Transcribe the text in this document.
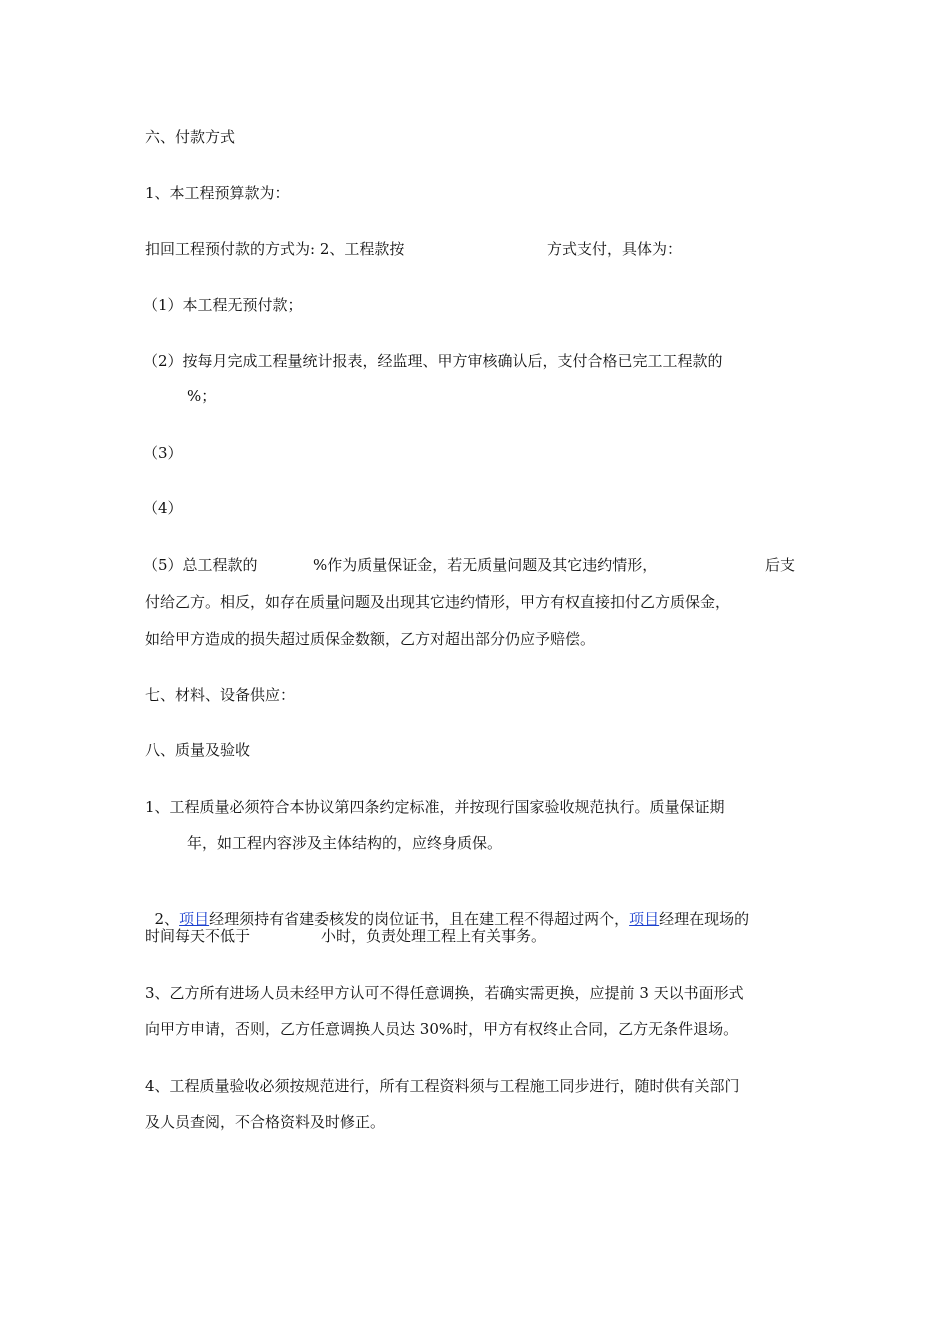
六、付款方式

1、本工程预算款为：

扣回工程预付款的方式为: 2、工程款按	方式支付，具体为：

（1）本工程无预付款；

（2）按每月完成工程量统计报表，经监理、甲方审核确认后，支付合格已完工工程款的

%；

（3）

（4）

（5）总工程款的	%作为质量保证金，若无质量问题及其它违约情形，	后支

付给乙方。相反，如存在质量问题及出现其它违约情形，甲方有权直接扣付乙方质保金，

如给甲方造成的损失超过质保金数额，乙方对超出部分仍应予赔偿。

七、材料、设备供应：

八、质量及验收

1、工程质量必须符合本协议第四条约定标准，并按现行国家验收规范执行。质量保证期

年，如工程内容涉及主体结构的，应终身质保。

2、项目经理须持有省建委核发的岗位证书，且在建工程不得超过两个，项目经理在现场的

时间每天不低于	小时，负责处理工程上有关事务。

3、乙方所有进场人员未经甲方认可不得任意调换，若确实需更换，应提前 3 天以书面形式

向甲方申请，否则，乙方任意调换人员达 30%时，甲方有权终止合同，乙方无条件退场。

4、工程质量验收必须按规范进行，所有工程资料须与工程施工同步进行，随时供有关部门

及人员查阅，不合格资料及时修正。
